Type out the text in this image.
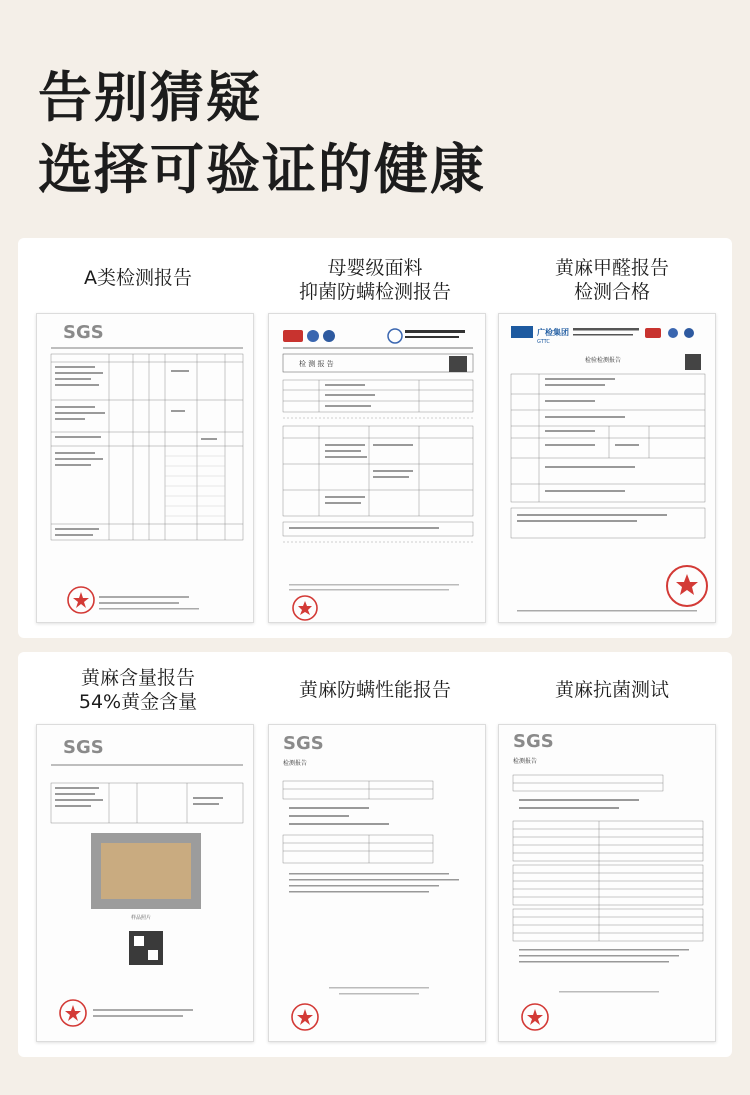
告别猜疑
选择可验证的健康
A类检测报告	母婴级面料
抑菌防螨检测报告
黄麻甲醛报告
检测合格
SGS
检 测 报 告
广检集团
GTTC
检验检测报告
黄麻含量报告
54%黄金含量
黄麻防螨性能报告	黄麻抗菌测试
SGS
样品照片
SGS
检测报告
SGS
检测报告
